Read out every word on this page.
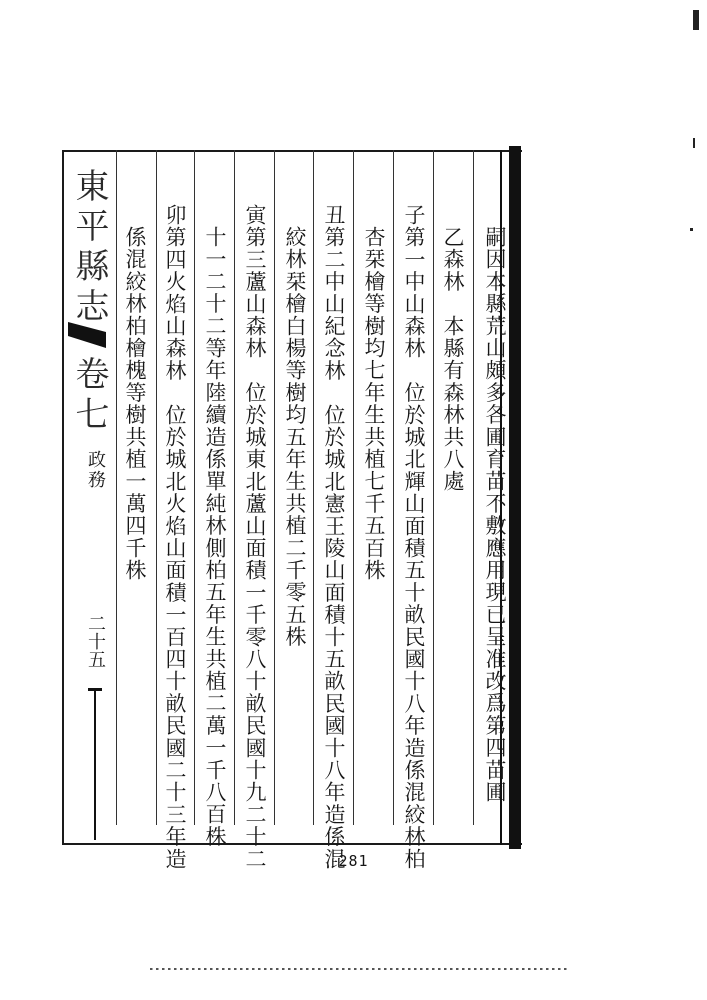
東平縣志
卷七
政務
二十五	嗣因本縣荒山頗多各圃育苗不敷應用現已呈准改爲第四苗圃
乙森林　本縣有森林共八處
子第一中山森林　位於城北輝山面積五十畝民國十八年造係混絞林柏
杏栞檜等樹均七年生共植七千五百株
丑第二中山紀念林　位於城北憲王陵山面積十五畝民國十八年造係混
絞林栞檜白楊等樹均五年生共植二千零五株
寅第三蘆山森林　位於城東北蘆山面積一千零八十畝民國十九二十二
十一二十二等年陸續造係單純林側柏五年生共植二萬一千八百株
卯第四火焰山森林　位於城北火焰山面積一百四十畝民國二十三年造
係混絞林柏檜槐等樹共植一萬四千株
281
